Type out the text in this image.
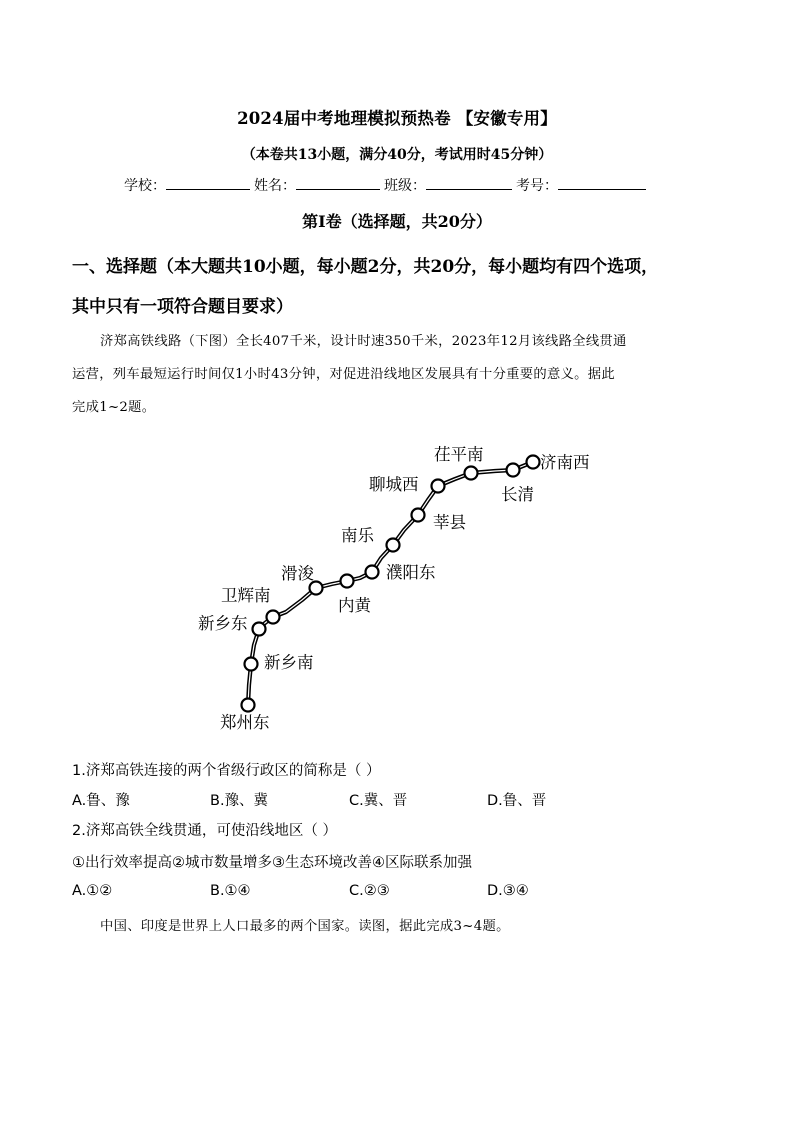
2024届中考地理模拟预热卷 【安徽专用】
（本卷共13小题，满分40分，考试用时45分钟）
学校：	姓名：	班级：	考号：
第Ⅰ卷（选择题，共20分）
一、选择题（本大题共10小题，每小题2分，共20分，每小题均有四个选项，
其中只有一项符合题目要求）
济郑高铁线路（下图）全长407千米，设计时速350千米，2023年12月该线路全线贯通
运营，列车最短运行时间仅1小时43分钟，对促进沿线地区发展具有十分重要的意义。据此
完成1~2题。
济南西
长清
茌平南
聊城西
莘县
南乐
濮阳东
内黄
滑浚
卫辉南
新乡东
新乡南
郑州东
1.济郑高铁连接的两个省级行政区的简称是（ ）
A.鲁、豫	B.豫、冀	C.冀、晋	D.鲁、晋
2.济郑高铁全线贯通，可使沿线地区（ ）
①出行效率提高②城市数量增多③生态环境改善④区际联系加强
A.①②	B.①④	C.②③	D.③④
中国、印度是世界上人口最多的两个国家。读图，据此完成3~4题。
